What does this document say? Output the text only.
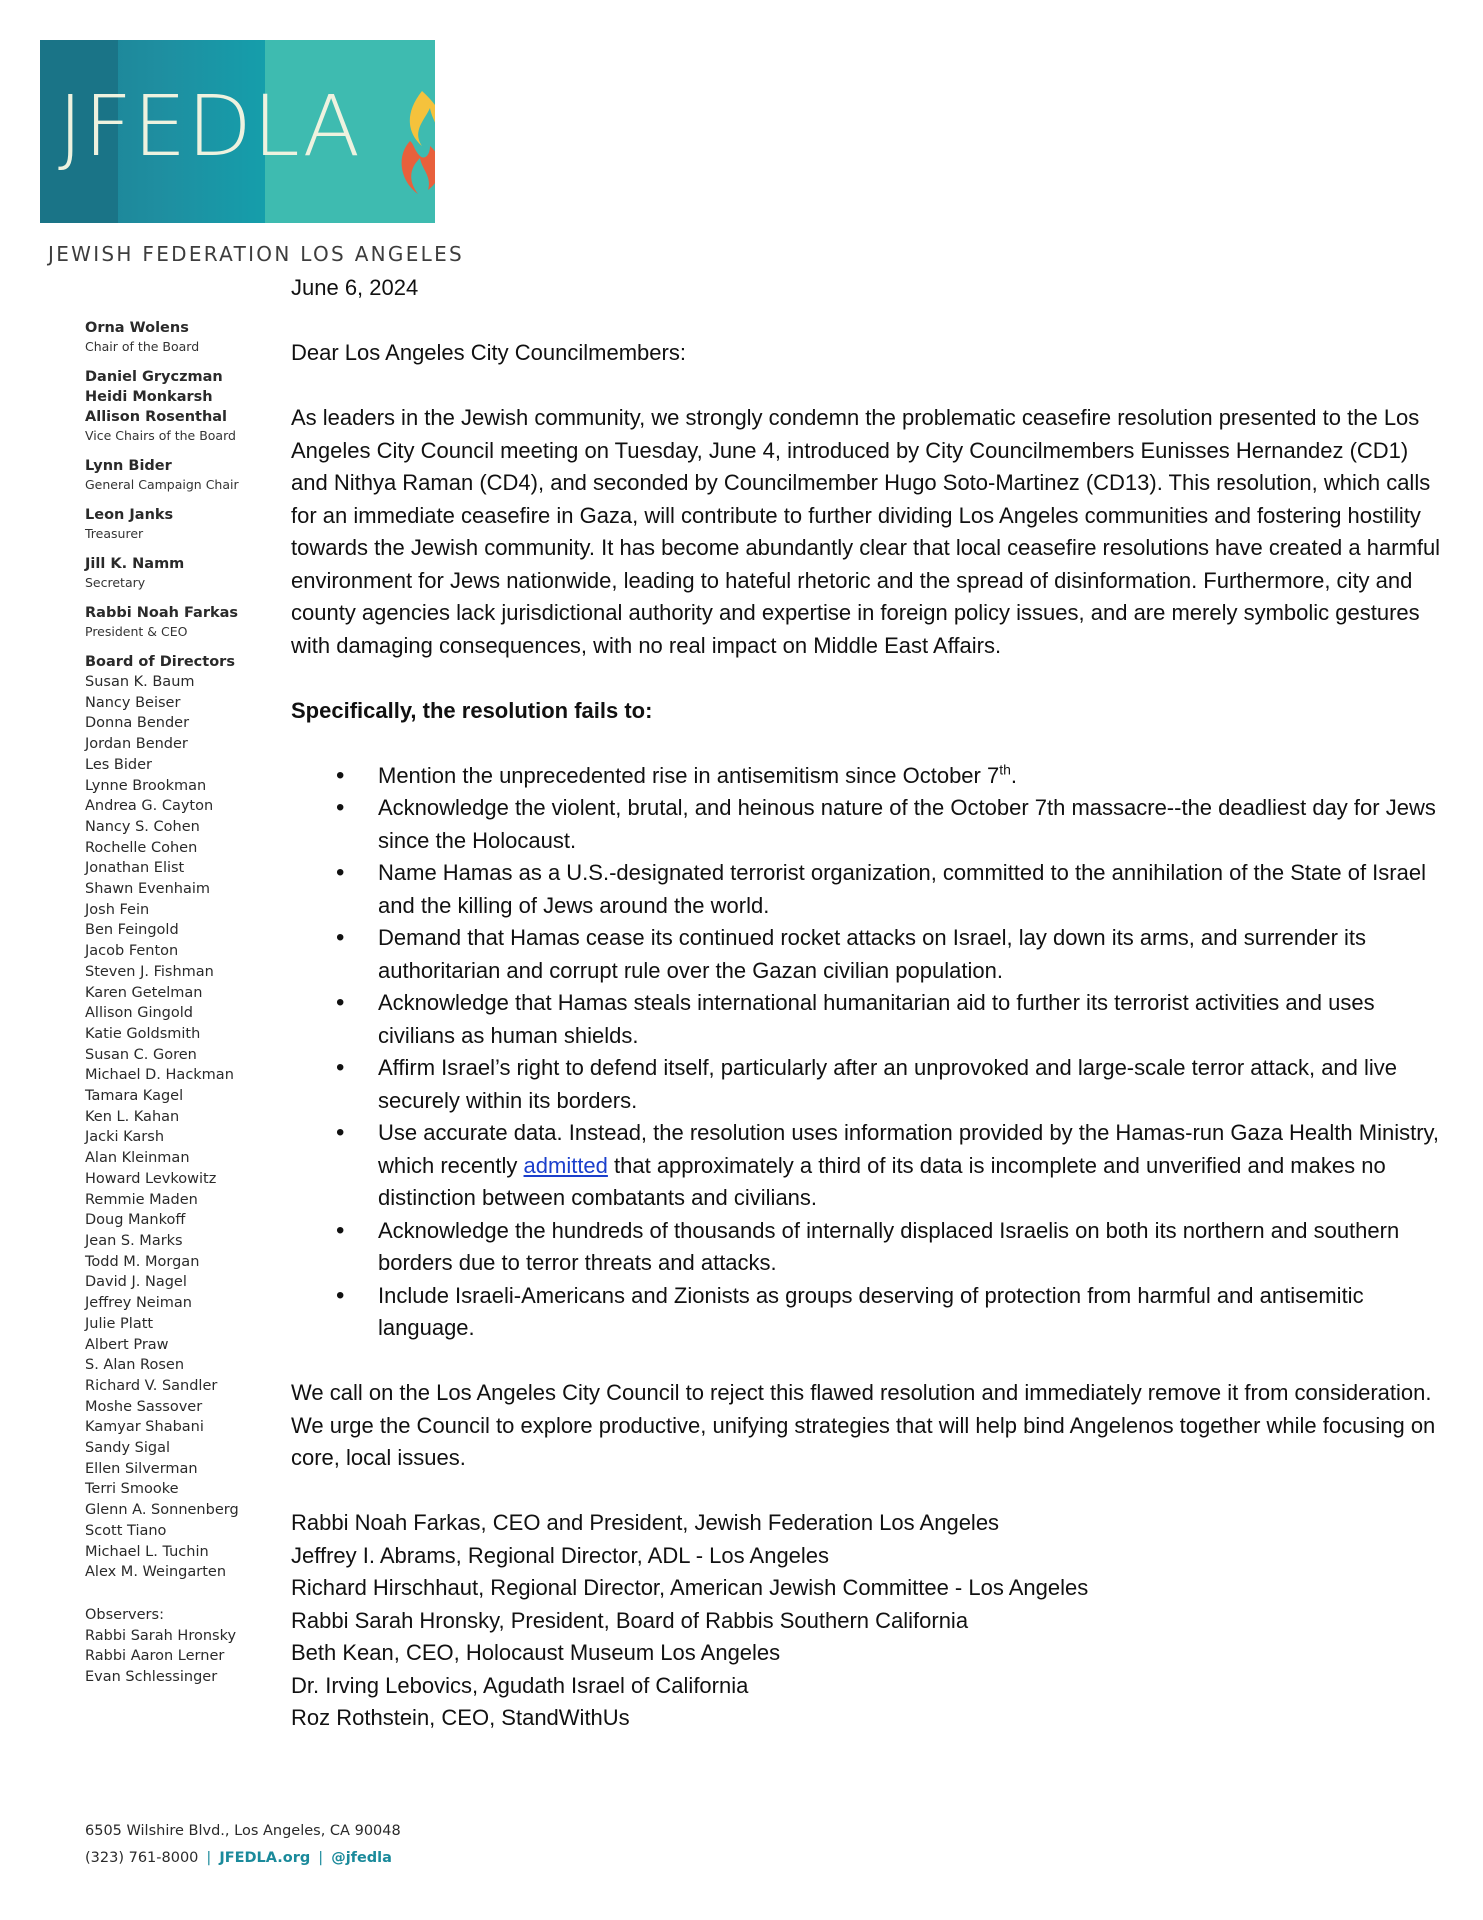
JFEDLA
JEWISH FEDERATION LOS ANGELES
Orna Wolens
Chair of the Board
Daniel Gryczman
Heidi Monkarsh
Allison Rosenthal
Vice Chairs of the Board
Lynn Bider
General Campaign Chair
Leon Janks
Treasurer
Jill K. Namm
Secretary
Rabbi Noah Farkas
President & CEO
Board of Directors
Susan K. Baum
Nancy Beiser
Donna Bender
Jordan Bender
Les Bider
Lynne Brookman
Andrea G. Cayton
Nancy S. Cohen
Rochelle Cohen
Jonathan Elist
Shawn Evenhaim
Josh Fein
Ben Feingold
Jacob Fenton
Steven J. Fishman
Karen Getelman
Allison Gingold
Katie Goldsmith
Susan C. Goren
Michael D. Hackman
Tamara Kagel
Ken L. Kahan
Jacki Karsh
Alan Kleinman
Howard Levkowitz
Remmie Maden
Doug Mankoff
Jean S. Marks
Todd M. Morgan
David J. Nagel
Jeffrey Neiman
Julie Platt
Albert Praw
S. Alan Rosen
Richard V. Sandler
Moshe Sassover
Kamyar Shabani
Sandy Sigal
Ellen Silverman
Terri Smooke
Glenn A. Sonnenberg
Scott Tiano
Michael L. Tuchin
Alex M. Weingarten
Observers:
Rabbi Sarah Hronsky
Rabbi Aaron Lerner
Evan Schlessinger
6505 Wilshire Blvd., Los Angeles, CA 90048
(323) 761-8000 | JFEDLA.org | @jfedla

June 6, 2024

Dear Los Angeles City Councilmembers:

As leaders in the Jewish community, we strongly condemn the problematic ceasefire resolution presented to the Los Angeles City Council meeting on Tuesday, June 4, introduced by City Councilmembers Eunisses Hernandez (CD1) and Nithya Raman (CD4), and seconded by Councilmember Hugo Soto-Martinez (CD13). This resolution, which calls for an immediate ceasefire in Gaza, will contribute to further dividing Los Angeles communities and fostering hostility towards the Jewish community. It has become abundantly clear that local ceasefire resolutions have created a harmful environment for Jews nationwide, leading to hateful rhetoric and the spread of disinformation. Furthermore, city and county agencies lack jurisdictional authority and expertise in foreign policy issues, and are merely symbolic gestures with damaging consequences, with no real impact on Middle East Affairs.

Specifically, the resolution fails to:

• Mention the unprecedented rise in antisemitism since October 7th.
• Acknowledge the violent, brutal, and heinous nature of the October 7th massacre--the deadliest day for Jews since the Holocaust.
• Name Hamas as a U.S.-designated terrorist organization, committed to the annihilation of the State of Israel and the killing of Jews around the world.
• Demand that Hamas cease its continued rocket attacks on Israel, lay down its arms, and surrender its authoritarian and corrupt rule over the Gazan civilian population.
• Acknowledge that Hamas steals international humanitarian aid to further its terrorist activities and uses civilians as human shields.
• Affirm Israel’s right to defend itself, particularly after an unprovoked and large-scale terror attack, and live securely within its borders.
• Use accurate data. Instead, the resolution uses information provided by the Hamas-run Gaza Health Ministry, which recently admitted that approximately a third of its data is incomplete and unverified and makes no distinction between combatants and civilians.
• Acknowledge the hundreds of thousands of internally displaced Israelis on both its northern and southern borders due to terror threats and attacks.
• Include Israeli-Americans and Zionists as groups deserving of protection from harmful and antisemitic language.

We call on the Los Angeles City Council to reject this flawed resolution and immediately remove it from consideration. We urge the Council to explore productive, unifying strategies that will help bind Angelenos together while focusing on core, local issues.

Rabbi Noah Farkas, CEO and President, Jewish Federation Los Angeles
Jeffrey I. Abrams, Regional Director, ADL - Los Angeles
Richard Hirschhaut, Regional Director, American Jewish Committee - Los Angeles
Rabbi Sarah Hronsky, President, Board of Rabbis Southern California
Beth Kean, CEO, Holocaust Museum Los Angeles
Dr. Irving Lebovics, Agudath Israel of California
Roz Rothstein, CEO, StandWithUs
